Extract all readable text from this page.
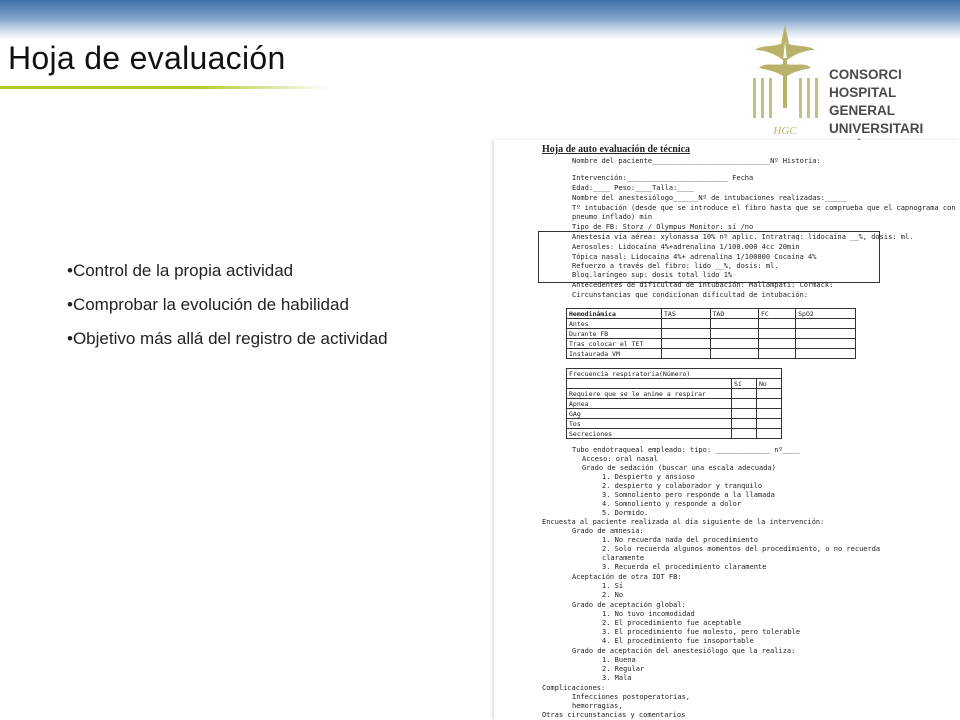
Hoja de evaluación
HGC
CONSORCI
HOSPITAL GENERAL
UNIVERSITARI
•Control de la propia actividad
•Comprobar la evolución de habilidad
•Objetivo más allá del registro de actividad
Hoja de auto evaluación de técnica
Nombre del paciente____________________________Nº Historia:
Intervención:________________________ Fecha
Edad:____ Peso:____Talla:____
Nombre del anestesiólogo______Nº de intubaciones realizadas:_____
Tº intubación (desde que se introduce el fibro hasta que se comprueba que el capnograma con
pneumo inflado) min
Tipo de FB: Storz / Olympus Monitor: sí /no
Anestesia vía aérea: xylonassa 10% nº aplic. Intratraq: lidocaína __%, dosis: ml.
Aerosoles: Lidocaína 4%+adrenalina 1/100.000 4cc 20min
Tópica nasal: Lidocaína 4%+ adrenalina 1/100000 Cocaína 4%
Refuerzo a través del fibro: lido __%, dosis: ml.
Bloq.laríngeo sup: dosis total lido 1%
Antecedentes de dificultad de intubación: Mallampati: Cormack:
Circunstancias que condicionan dificultad de intubación:
Hemodinámica	TAS	TAD	FC	SpO2
Antes				
Durante FB				
Tras colocar el TET				
Instaurada VM				
Frecuencia respiratoria(Número)		
	Sí	No
Requiere que se le anime a respirar		
Apnea		
GAg		
Tos		
Secreciones		
Tubo endotraqueal empleado: tipo: _____________ nº____
Acceso: oral nasal
Grado de sedación (buscar una escala adecuada)
1. Despierto y ansioso
2. despierto y colaborador y tranquilo
3. Somnoliento pero responde a la llamada
4. Somnoliento y responde a dolor
5. Dormido.
Encuesta al paciente realizada al día siguiente de la intervención:
Grado de amnesia:
1. No recuerda nada del procedimiento
2. Solo recuerda algunos momentos del procedimiento, o no recuerda
claramente
3. Recuerda el procedimiento claramente
Aceptación de otra IOT FB:
1. Sí
2. No
Grado de aceptación global:
1. No tuvo incomodidad
2. El procedimiento fue aceptable
3. El procedimiento fue molesto, pero tolerable
4. El procedimiento fue insoportable
Grado de aceptación del anestesiólogo que la realiza:
1. Buena
2. Regular
3. Mala
Complicaciones:
Infecciones postoperatorias,
hemorragias,
Otras circunstancias y comentarios
